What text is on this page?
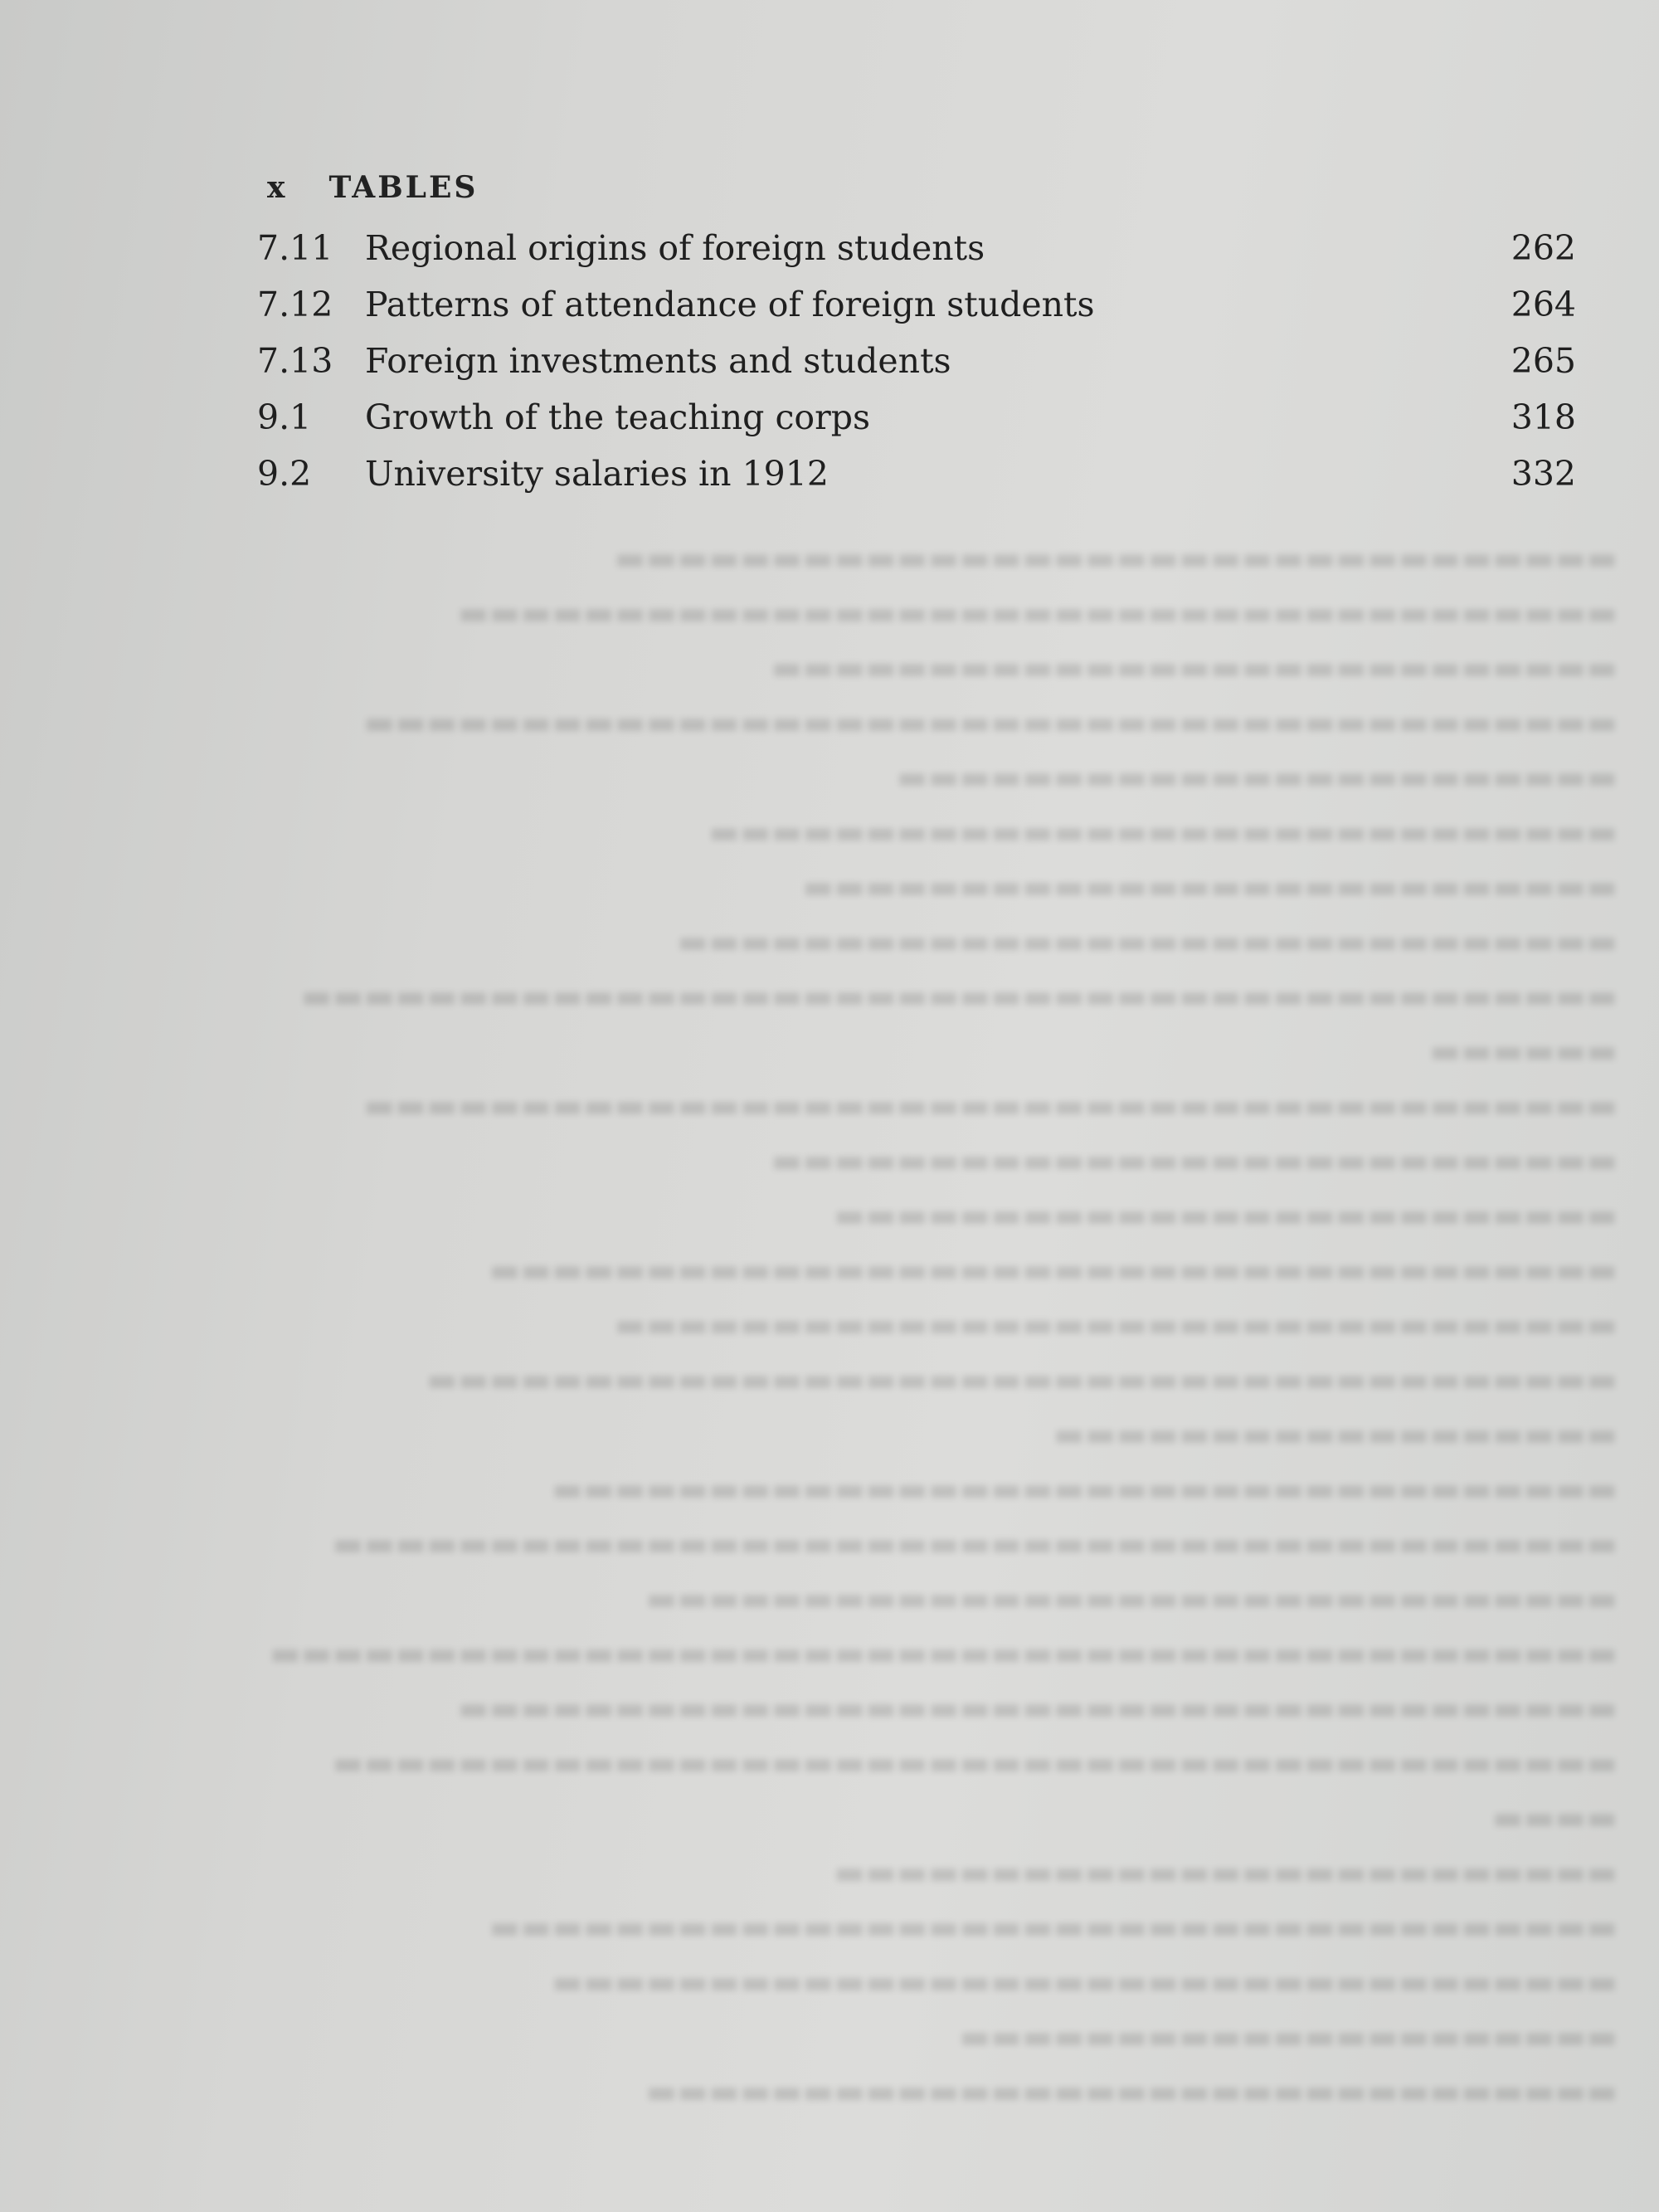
▬▬▬▬▬▬▬▬▬▬▬▬▬▬▬▬▬▬▬▬▬▬▬▬▬▬▬▬▬▬▬▬
▬▬▬▬▬▬▬▬▬▬▬▬▬▬▬▬▬▬▬▬▬▬▬▬▬▬▬▬▬▬▬▬▬▬▬▬▬
▬▬▬▬▬▬▬▬▬▬▬▬▬▬▬▬▬▬▬▬▬▬▬▬▬▬▬
▬▬▬▬▬▬▬▬▬▬▬▬▬▬▬▬▬▬▬▬▬▬▬▬▬▬▬▬▬▬▬▬▬▬▬▬▬▬▬▬
▬▬▬▬▬▬▬▬▬▬▬▬▬▬▬▬▬▬▬▬▬▬▬
▬▬▬▬▬▬▬▬▬▬▬▬▬▬▬▬▬▬▬▬▬▬▬▬▬▬▬▬▬
▬▬▬▬▬▬▬▬▬▬▬▬▬▬▬▬▬▬▬▬▬▬▬▬▬▬
▬▬▬▬▬▬▬▬▬▬▬▬▬▬▬▬▬▬▬▬▬▬▬▬▬▬▬▬▬▬
▬▬▬▬▬▬▬▬▬▬▬▬▬▬▬▬▬▬▬▬▬▬▬▬▬▬▬▬▬▬▬▬▬▬▬▬▬▬▬▬▬▬
▬▬▬▬▬▬
▬▬▬▬▬▬▬▬▬▬▬▬▬▬▬▬▬▬▬▬▬▬▬▬▬▬▬▬▬▬▬▬▬▬▬▬▬▬▬▬
▬▬▬▬▬▬▬▬▬▬▬▬▬▬▬▬▬▬▬▬▬▬▬▬▬▬▬
▬▬▬▬▬▬▬▬▬▬▬▬▬▬▬▬▬▬▬▬▬▬▬▬▬
▬▬▬▬▬▬▬▬▬▬▬▬▬▬▬▬▬▬▬▬▬▬▬▬▬▬▬▬▬▬▬▬▬▬▬▬
▬▬▬▬▬▬▬▬▬▬▬▬▬▬▬▬▬▬▬▬▬▬▬▬▬▬▬▬▬▬▬▬
▬▬▬▬▬▬▬▬▬▬▬▬▬▬▬▬▬▬▬▬▬▬▬▬▬▬▬▬▬▬▬▬▬▬▬▬▬▬
▬▬▬▬▬▬▬▬▬▬▬▬▬▬▬▬▬▬
▬▬▬▬▬▬▬▬▬▬▬▬▬▬▬▬▬▬▬▬▬▬▬▬▬▬▬▬▬▬▬▬▬▬
▬▬▬▬▬▬▬▬▬▬▬▬▬▬▬▬▬▬▬▬▬▬▬▬▬▬▬▬▬▬▬▬▬▬▬▬▬▬▬▬▬
▬▬▬▬▬▬▬▬▬▬▬▬▬▬▬▬▬▬▬▬▬▬▬▬▬▬▬▬▬▬▬
▬▬▬▬▬▬▬▬▬▬▬▬▬▬▬▬▬▬▬▬▬▬▬▬▬▬▬▬▬▬▬▬▬▬▬▬▬▬▬▬▬▬▬
▬▬▬▬▬▬▬▬▬▬▬▬▬▬▬▬▬▬▬▬▬▬▬▬▬▬▬▬▬▬▬▬▬▬▬▬▬
▬▬▬▬▬▬▬▬▬▬▬▬▬▬▬▬▬▬▬▬▬▬▬▬▬▬▬▬▬▬▬▬▬▬▬▬▬▬▬▬▬
▬▬▬▬
▬▬▬▬▬▬▬▬▬▬▬▬▬▬▬▬▬▬▬▬▬▬▬▬▬
▬▬▬▬▬▬▬▬▬▬▬▬▬▬▬▬▬▬▬▬▬▬▬▬▬▬▬▬▬▬▬▬▬▬▬▬
▬▬▬▬▬▬▬▬▬▬▬▬▬▬▬▬▬▬▬▬▬▬▬▬▬▬▬▬▬▬▬▬▬▬
▬▬▬▬▬▬▬▬▬▬▬▬▬▬▬▬▬▬▬▬▬
▬▬▬▬▬▬▬▬▬▬▬▬▬▬▬▬▬▬▬▬▬▬▬▬▬▬▬▬▬▬▬
x TABLES
7.11 Regional origins of foreign students	262
7.12 Patterns of attendance of foreign students	264
7.13 Foreign investments and students	265
9.1	Growth of the teaching corps	318
9.2	University salaries in 1912	332
